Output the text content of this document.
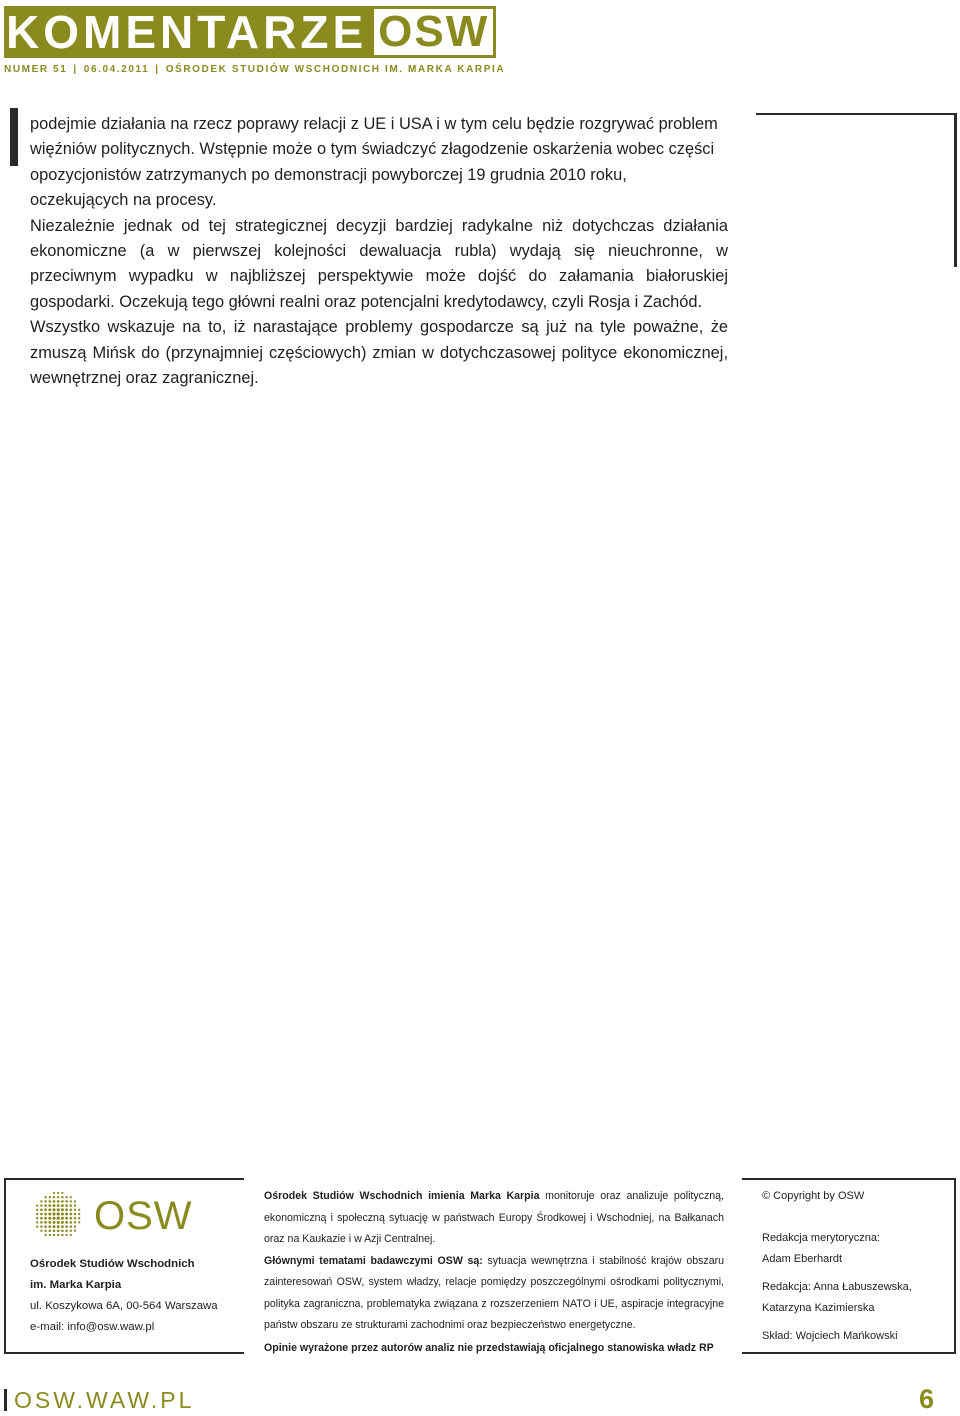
KOMENTARZE OSW
NUMER 51 | 06.04.2011 | OŚRODEK STUDIÓW WSCHODNICH IM. MARKA KARPIA

podejmie działania na rzecz poprawy relacji z UE i USA i w tym celu będzie rozgrywać problem więźniów politycznych. Wstępnie może o tym świadczyć złagodzenie oskarżenia wobec części opozycjonistów zatrzymanych po demonstracji powyborczej 19 grudnia 2010 roku, oczekujących na procesy.

Niezależnie jednak od tej strategicznej decyzji bardziej radykalne niż dotychczas działania ekonomiczne (a w pierwszej kolejności dewaluacja rubla) wydają się nieuchronne, w przeciwnym wypadku w najbliższej perspektywie może dojść do załamania białoruskiej gospodarki. Oczekują tego główni realni oraz potencjalni kredytodawcy, czyli Rosja i Zachód.

Wszystko wskazuje na to, iż narastające problemy gospodarcze są już na tyle poważne, że zmuszą Mińsk do (przynajmniej częściowych) zmian w dotychczasowej polityce ekonomicznej, wewnętrznej oraz zagranicznej.

OSW
Ośrodek Studiów Wschodnich
im. Marka Karpia
ul. Koszykowa 6A, 00-564 Warszawa
e-mail: info@osw.waw.pl

Ośrodek Studiów Wschodnich imienia Marka Karpia monitoruje oraz analizuje polityczną, ekonomiczną i społeczną sytuację w państwach Europy Środkowej i Wschodniej, na Bałkanach oraz na Kaukazie i w Azji Centralnej.

Głównymi tematami badawczymi OSW są: sytuacja wewnętrzna i stabilność krajów obszaru zainteresowań OSW, system władzy, relacje pomiędzy poszczególnymi ośrodkami politycznymi, polityka zagraniczna, problematyka związana z rozszerzeniem NATO i UE, aspiracje integracyjne państw obszaru ze strukturami zachodnimi oraz bezpieczeństwo energetyczne.

Opinie wyrażone przez autorów analiz nie przedstawiają oficjalnego stanowiska władz RP

© Copyright by OSW
Redakcja merytoryczna:
Adam Eberhardt
Redakcja: Anna Łabuszewska,
Katarzyna Kazimierska
Skład: Wojciech Mańkowski
OSW.WAW.PL	6
